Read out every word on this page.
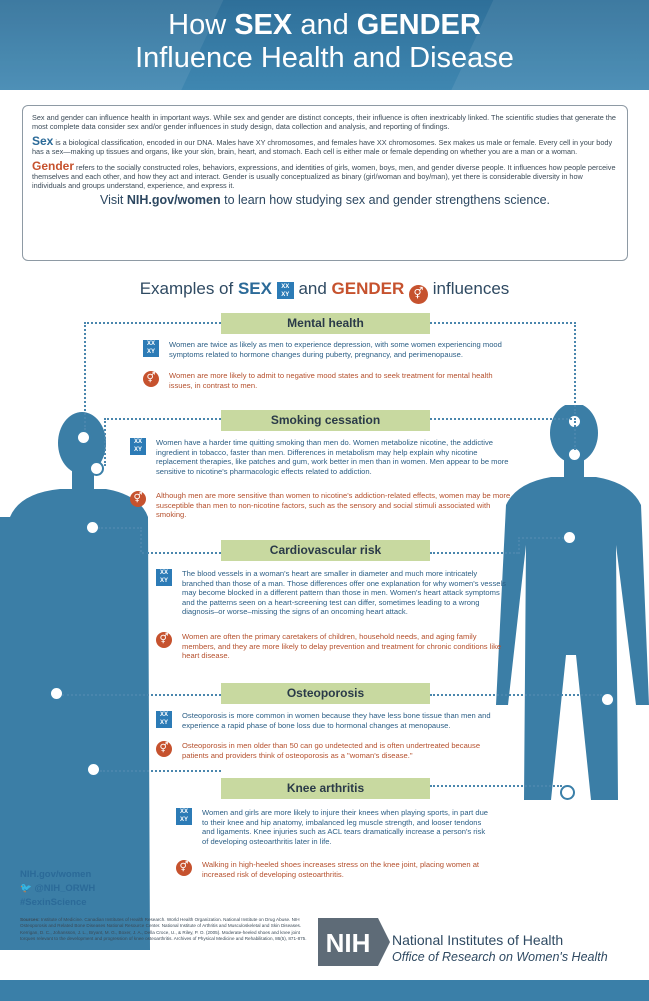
How SEX and GENDER
Influence Health and Disease

Sex and gender can influence health in important ways. While sex and gender are distinct concepts, their influence is often inextricably linked. The scientific studies that generate the most complete data consider sex and/or gender influences in study design, data collection and analysis, and reporting of findings.

Sex is a biological classification, encoded in our DNA. Males have XY chromosomes, and females have XX chromosomes. Sex makes us male or female. Every cell in your body has a sex—making up tissues and organs, like your skin, brain, heart, and stomach. Each cell is either male or female depending on whether you are a man or a woman.

Gender refers to the socially constructed roles, behaviors, expressions, and identities of girls, women, boys, men, and gender diverse people. It influences how people perceive themselves and each other, and how they act and interact. Gender is usually conceptualized as binary (girl/woman and boy/man), yet there is considerable diversity in how individuals and groups understand, experience, and express it.

Visit NIH.gov/women to learn how studying sex and gender strengthens science.
Examples of SEX XX
XY and GENDER ⚥ influences
Mental health
XX
XY
Women are twice as likely as men to experience depression, with some women experiencing mood symptoms related to hormone changes during puberty, pregnancy, and perimenopause.
⚥	Women are more likely to admit to negative mood states and to seek treatment for mental health issues, in contrast to men.
Smoking cessation
XX
XY
Women have a harder time quitting smoking than men do. Women metabolize nicotine, the addictive ingredient in tobacco, faster than men. Differences in metabolism may help explain why nicotine replacement therapies, like patches and gum, work better in men than in women. Men appear to be more sensitive to nicotine's pharmacologic effects related to addiction.
⚥	Although men are more sensitive than women to nicotine's addiction-related effects, women may be more susceptible than men to non-nicotine factors, such as the sensory and social stimuli associated with smoking.
Cardiovascular risk
XX
XY
The blood vessels in a woman's heart are smaller in diameter and much more intricately branched than those of a man. Those differences offer one explanation for why women's vessels may become blocked in a different pattern than those in men. Women's heart attack symptoms and the patterns seen on a heart-screening test can differ, sometimes leading to a wrong diagnosis–or worse–missing the signs of an oncoming heart attack.
⚥	Women are often the primary caretakers of children, household needs, and aging family members, and they are more likely to delay prevention and treatment for chronic conditions like heart disease.
Osteoporosis
XX
XY
Osteoporosis is more common in women because they have less bone tissue than men and experience a rapid phase of bone loss due to hormonal changes at menopause.
⚥	Osteoporosis in men older than 50 can go undetected and is often undertreated because patients and providers think of osteoporosis as a "woman's disease."
Knee arthritis
XX
XY
Women and girls are more likely to injure their knees when playing sports, in part due to their knee and hip anatomy, imbalanced leg muscle strength, and looser tendons and ligaments. Knee injuries such as ACL tears dramatically increase a person's risk of developing osteoarthritis later in life.
⚥	Walking in high-heeled shoes increases stress on the knee joint, placing women at increased risk of developing osteoarthritis.
NIH.gov/women
🐦 @NIH_ORWH
#SexinScience
Sources: Institute of Medicine. Canadian Institutes of Health Research. World Health Organization. National Institute on Drug Abuse. NIH Osteoporosis and Related Bone Diseases National Resource Center. National Institute of Arthritis and Musculoskeletal and Skin Diseases. Kerrigan, D. C., Johansson, J. L., Bryant, M. G., Boxer, J. A., Della Croce, U., & Riley, P. O. (2005). Moderate-heeled shoes and knee joint torques relevant to the development and progression of knee osteoarthritis. Archives of Physical Medicine and Rehabilitation, 86(5), 871-875. NIH National Institutes of Health
Office of Research on Women's Health
